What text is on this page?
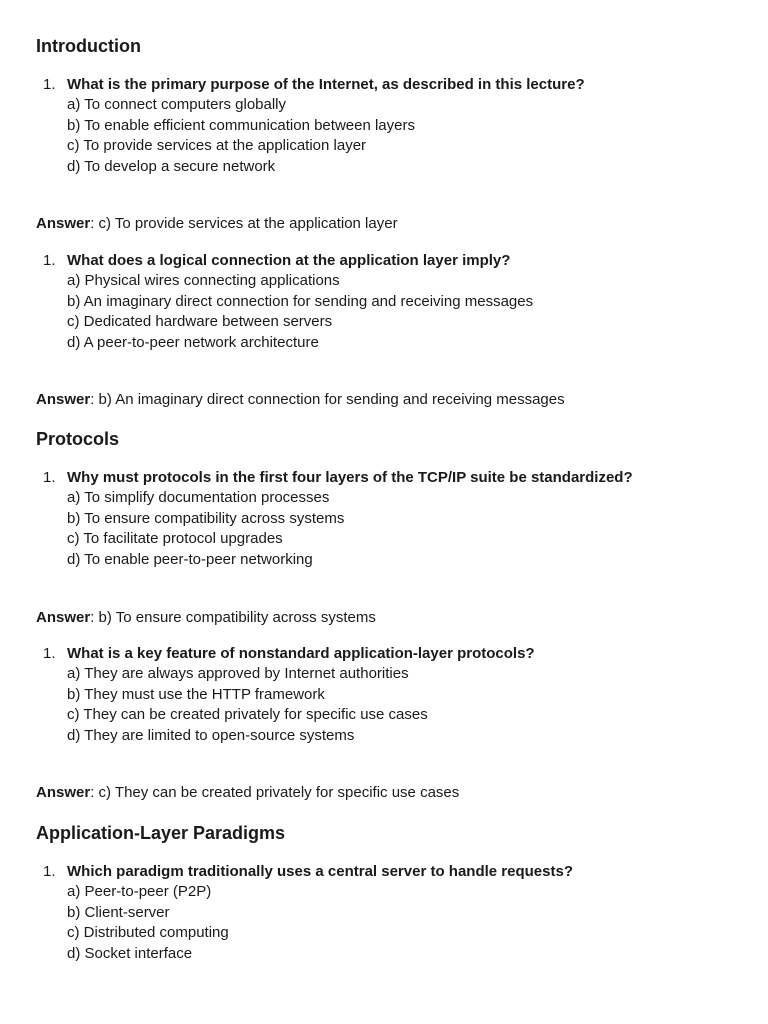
Introduction
1. What is the primary purpose of the Internet, as described in this lecture?
a) To connect computers globally
b) To enable efficient communication between layers
c) To provide services at the application layer
d) To develop a secure network

Answer: c) To provide services at the application layer

1. What does a logical connection at the application layer imply?
a) Physical wires connecting applications
b) An imaginary direct connection for sending and receiving messages
c) Dedicated hardware between servers
d) A peer-to-peer network architecture

Answer: b) An imaginary direct connection for sending and receiving messages

Protocols
1. Why must protocols in the first four layers of the TCP/IP suite be standardized?
a) To simplify documentation processes
b) To ensure compatibility across systems
c) To facilitate protocol upgrades
d) To enable peer-to-peer networking

Answer: b) To ensure compatibility across systems

1. What is a key feature of nonstandard application-layer protocols?
a) They are always approved by Internet authorities
b) They must use the HTTP framework
c) They can be created privately for specific use cases
d) They are limited to open-source systems

Answer: c) They can be created privately for specific use cases

Application-Layer Paradigms
1. Which paradigm traditionally uses a central server to handle requests?
a) Peer-to-peer (P2P)
b) Client-server
c) Distributed computing
d) Socket interface
